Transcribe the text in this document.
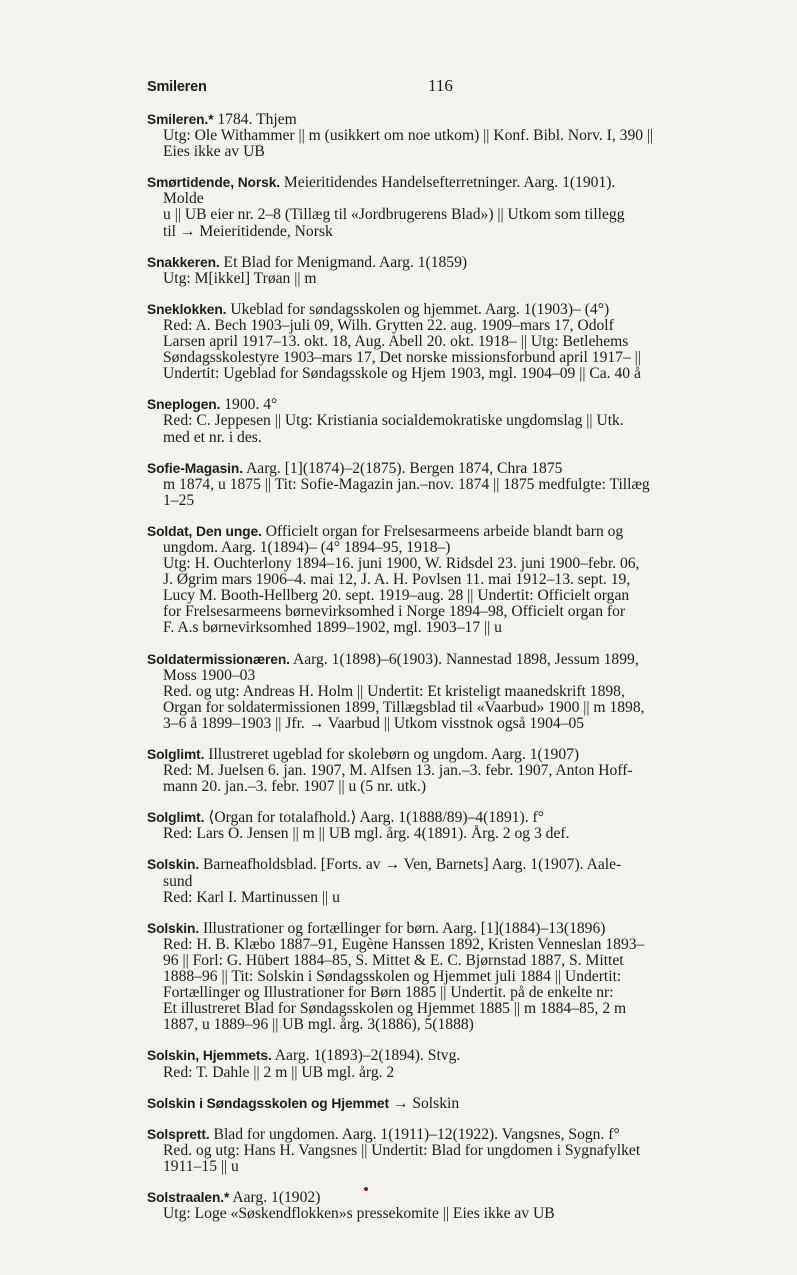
Smileren	116
Smileren.* 1784. Thjem
Utg: Ole Withammer || m (usikkert om noe utkom) || Konf. Bibl. Norv. I, 390 ||
Eies ikke av UB
Smørtidende, Norsk. Meieritidendes Handelsefterretninger. Aarg. 1(1901).
Molde
u || UB eier nr. 2–8 (Tillæg til «Jordbrugerens Blad») || Utkom som tillegg
til → Meieritidende, Norsk
Snakkeren. Et Blad for Menigmand. Aarg. 1(1859)
Utg: M[ikkel] Trøan || m
Sneklokken. Ukeblad for søndagsskolen og hjemmet. Aarg. 1(1903)– (4°)
Red: A. Bech 1903–juli 09, Wilh. Grytten 22. aug. 1909–mars 17, Odolf
Larsen april 1917–13. okt. 18, Aug. Abell 20. okt. 1918– || Utg: Betlehems
Søndagsskolestyre 1903–mars 17, Det norske missionsforbund april 1917– ||
Undertit: Ugeblad for Søndagsskole og Hjem 1903, mgl. 1904–09 || Ca. 40 å
Sneplogen. 1900. 4°
Red: C. Jeppesen || Utg: Kristiania socialdemokratiske ungdomslag || Utk.
med et nr. i des.
Sofie-Magasin. Aarg. [1](1874)–2(1875). Bergen 1874, Chra 1875
m 1874, u 1875 || Tit: Sofie-Magazin jan.–nov. 1874 || 1875 medfulgte: Tillæg
1–25
Soldat, Den unge. Officielt organ for Frelsesarmeens arbeide blandt barn og
ungdom. Aarg. 1(1894)– (4° 1894–95, 1918–)
Utg: H. Ouchterlony 1894–16. juni 1900, W. Ridsdel 23. juni 1900–febr. 06,
J. Øgrim mars 1906–4. mai 12, J. A. H. Povlsen 11. mai 1912–13. sept. 19,
Lucy M. Booth-Hellberg 20. sept. 1919–aug. 28 || Undertit: Officielt organ
for Frelsesarmeens børnevirksomhed i Norge 1894–98, Officielt organ for
F. A.s børnevirksomhed 1899–1902, mgl. 1903–17 || u
Soldatermissionæren. Aarg. 1(1898)–6(1903). Nannestad 1898, Jessum 1899,
Moss 1900–03
Red. og utg: Andreas H. Holm || Undertit: Et kristeligt maanedskrift 1898,
Organ for soldatermissionen 1899, Tillægsblad til «Vaarbud» 1900 || m 1898,
3–6 å 1899–1903 || Jfr. → Vaarbud || Utkom visstnok også 1904–05
Solglimt. Illustreret ugeblad for skolebørn og ungdom. Aarg. 1(1907)
Red: M. Juelsen 6. jan. 1907, M. Alfsen 13. jan.–3. febr. 1907, Anton Hoff-
mann 20. jan.–3. febr. 1907 || u (5 nr. utk.)
Solglimt. ⟨Organ for totalafhold.⟩ Aarg. 1(1888/89)–4(1891). f°
Red: Lars O. Jensen || m || UB mgl. årg. 4(1891). Årg. 2 og 3 def.
Solskin. Barneafholdsblad. [Forts. av → Ven, Barnets] Aarg. 1(1907). Aale-
sund
Red: Karl I. Martinussen || u
Solskin. Illustrationer og fortællinger for børn. Aarg. [1](1884)–13(1896)
Red: H. B. Klæbo 1887–91, Eugène Hanssen 1892, Kristen Venneslan 1893–
96 || Forl: G. Hübert 1884–85, S. Mittet & E. C. Bjørnstad 1887, S. Mittet
1888–96 || Tit: Solskin i Søndagsskolen og Hjemmet juli 1884 || Undertit:
Fortællinger og Illustrationer for Børn 1885 || Undertit. på de enkelte nr:
Et illustreret Blad for Søndagsskolen og Hjemmet 1885 || m 1884–85, 2 m
1887, u 1889–96 || UB mgl. årg. 3(1886), 5(1888)
Solskin, Hjemmets. Aarg. 1(1893)–2(1894). Stvg.
Red: T. Dahle || 2 m || UB mgl. årg. 2
Solskin i Søndagsskolen og Hjemmet → Solskin
Solsprett. Blad for ungdomen. Aarg. 1(1911)–12(1922). Vangsnes, Sogn. f°
Red. og utg: Hans H. Vangsnes || Undertit: Blad for ungdomen i Sygnafylket
1911–15 || u
Solstraalen.* Aarg. 1(1902)
Utg: Loge «Søskendflokken»s pressekomite || Eies ikke av UB
